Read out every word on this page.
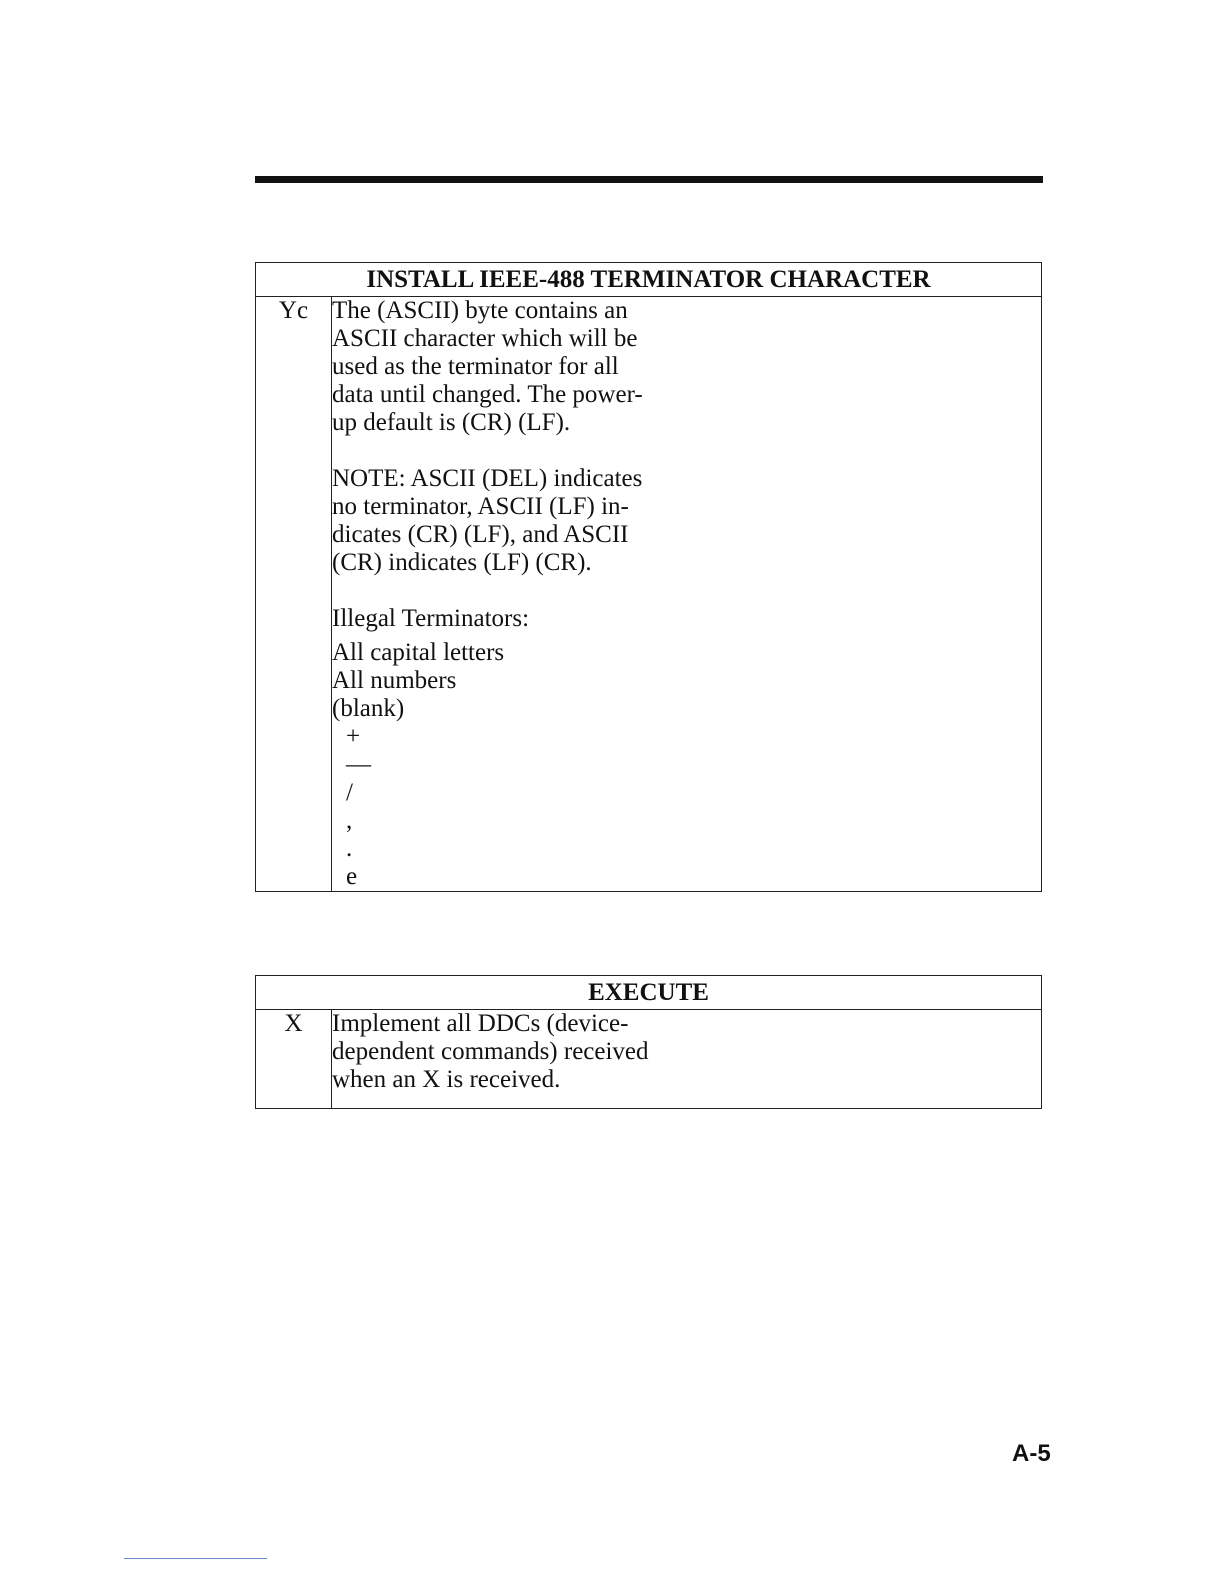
INSTALL IEEE-488 TERMINATOR CHARACTER
Yc	The (ASCII) byte contains an
ASCII character which will be
used as the terminator for all
data until changed. The power-
up default is (CR) (LF).
NOTE: ASCII (DEL) indicates
no terminator, ASCII (LF) in-
dicates (CR) (LF), and ASCII
(CR) indicates (LF) (CR).
Illegal Terminators:
All capital letters
All numbers
(blank)
+
—
/
,
.
e
EXECUTE
X	Implement all DDCs (device-
dependent commands) received
when an X is received.
A-5
